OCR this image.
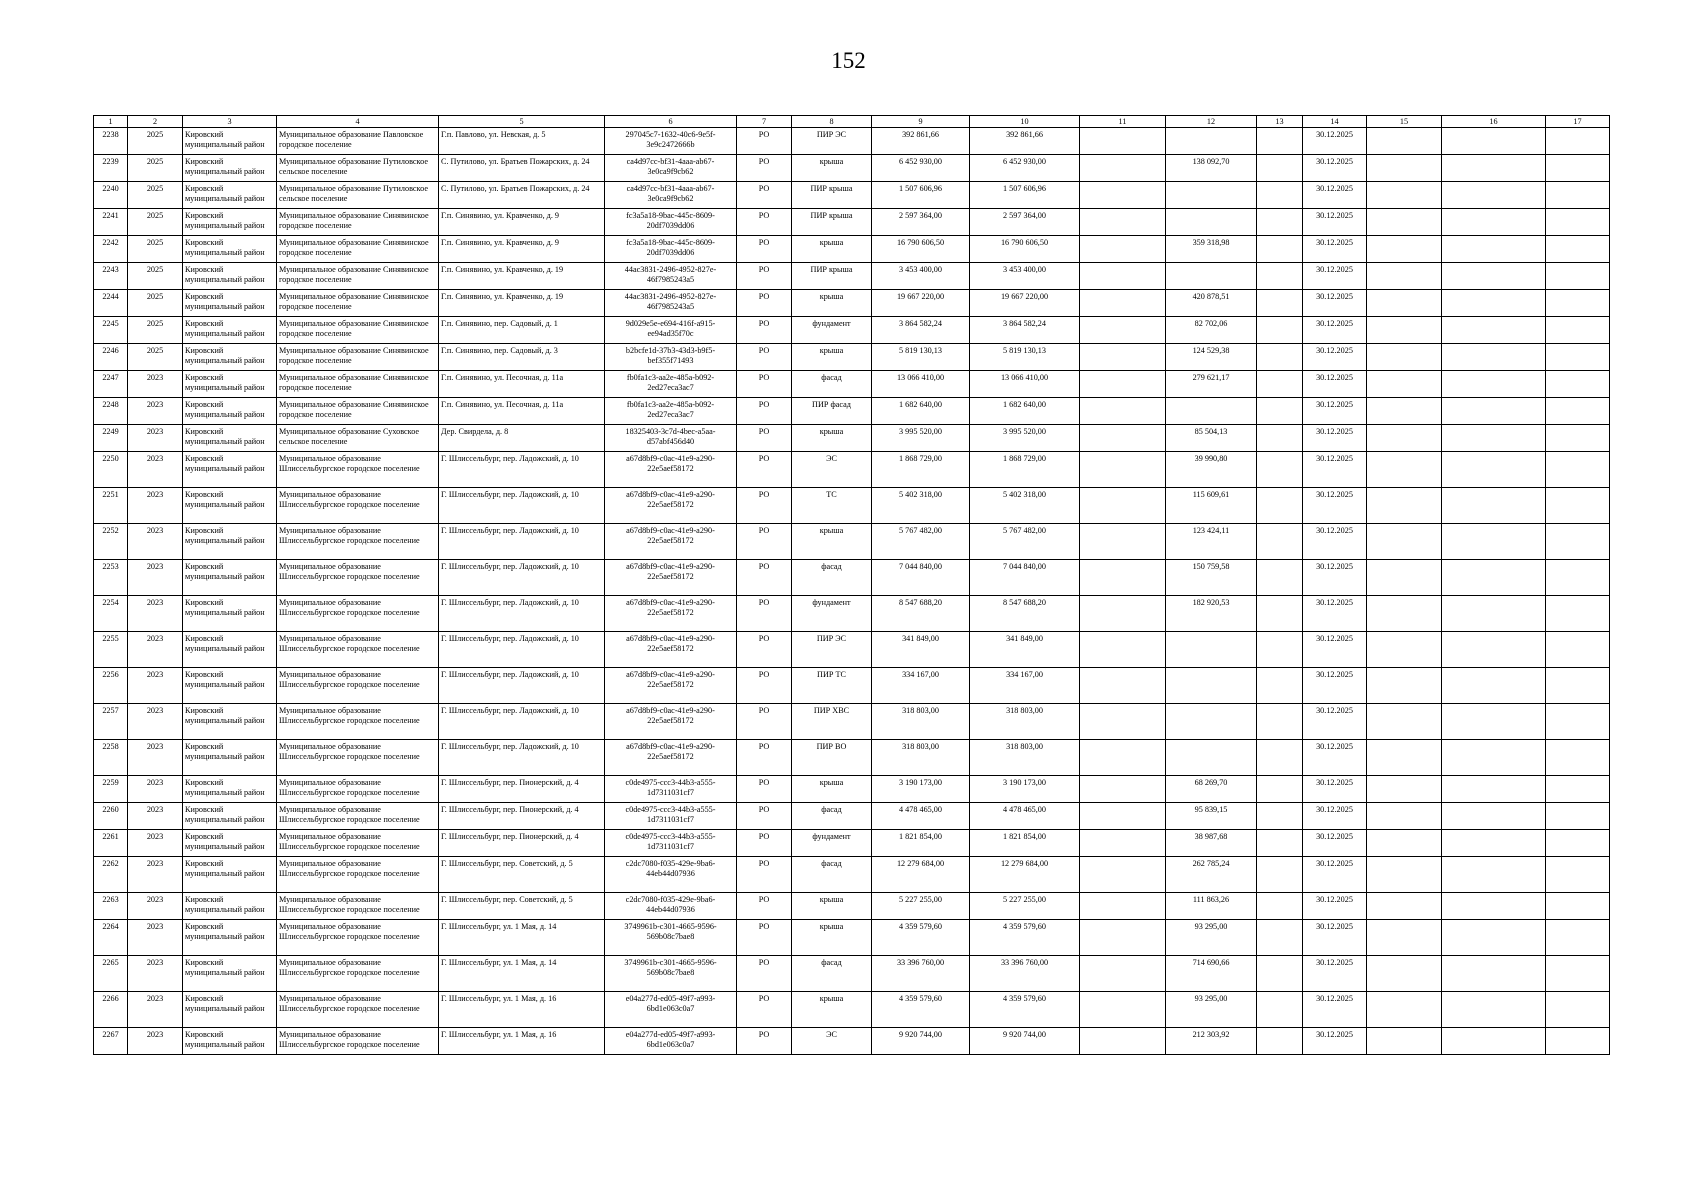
152
1	2	3	4	5	6	7	8	9	10	11	12	13	14	15	16	17
2238	2025	Кировский муниципальный район	Муниципальное образование Павловское городское поселение	Г.п. Павлово, ул. Невская, д. 5	297045c7-1632-40c6-9e5f-3e9c2472666b	РО	ПИР ЭС	392 861,66	392 861,66				30.12.2025			
2239	2025	Кировский муниципальный район	Муниципальное образование Путиловское сельское поселение	С. Путилово, ул. Братьев Пожарских, д. 24	ca4d97cc-bf31-4aaa-ab67-3e0ca9f9cb62	РО	крыша	6 452 930,00	6 452 930,00		138 092,70		30.12.2025			
2240	2025	Кировский муниципальный район	Муниципальное образование Путиловское сельское поселение	С. Путилово, ул. Братьев Пожарских, д. 24	ca4d97cc-bf31-4aaa-ab67-3e0ca9f9cb62	РО	ПИР крыша	1 507 606,96	1 507 606,96				30.12.2025			
2241	2025	Кировский муниципальный район	Муниципальное образование Синявинское городское поселение	Г.п. Синявино, ул. Кравченко, д. 9	fc3a5a18-9bac-445c-8609-20df7039dd06	РО	ПИР крыша	2 597 364,00	2 597 364,00				30.12.2025			
2242	2025	Кировский муниципальный район	Муниципальное образование Синявинское городское поселение	Г.п. Синявино, ул. Кравченко, д. 9	fc3a5a18-9bac-445c-8609-20df7039dd06	РО	крыша	16 790 606,50	16 790 606,50		359 318,98		30.12.2025			
2243	2025	Кировский муниципальный район	Муниципальное образование Синявинское городское поселение	Г.п. Синявино, ул. Кравченко, д. 19	44ac3831-2496-4952-827e-46f7985243a5	РО	ПИР крыша	3 453 400,00	3 453 400,00				30.12.2025			
2244	2025	Кировский муниципальный район	Муниципальное образование Синявинское городское поселение	Г.п. Синявино, ул. Кравченко, д. 19	44ac3831-2496-4952-827e-46f7985243a5	РО	крыша	19 667 220,00	19 667 220,00		420 878,51		30.12.2025			
2245	2025	Кировский муниципальный район	Муниципальное образование Синявинское городское поселение	Г.п. Синявино, пер. Садовый, д. 1	9d029e5e-e694-416f-a915-ee94ad35f70c	РО	фундамент	3 864 582,24	3 864 582,24		82 702,06		30.12.2025			
2246	2025	Кировский муниципальный район	Муниципальное образование Синявинское городское поселение	Г.п. Синявино, пер. Садовый, д. 3	b2bcfe1d-37b3-43d3-b9f5-bef355f71493	РО	крыша	5 819 130,13	5 819 130,13		124 529,38		30.12.2025			
2247	2023	Кировский муниципальный район	Муниципальное образование Синявинское городское поселение	Г.п. Синявино, ул. Песочная, д. 11а	fb0fa1c3-aa2e-485a-b092-2ed27eca3ac7	РО	фасад	13 066 410,00	13 066 410,00		279 621,17		30.12.2025			
2248	2023	Кировский муниципальный район	Муниципальное образование Синявинское городское поселение	Г.п. Синявино, ул. Песочная, д. 11а	fb0fa1c3-aa2e-485a-b092-2ed27eca3ac7	РО	ПИР фасад	1 682 640,00	1 682 640,00				30.12.2025			
2249	2023	Кировский муниципальный район	Муниципальное образование Суховское сельское поселение	Дер. Свирдела, д. 8	18325403-3c7d-4bec-a5aa-d57abf456d40	РО	крыша	3 995 520,00	3 995 520,00		85 504,13		30.12.2025			
2250	2023	Кировский муниципальный район	Муниципальное образование Шлиссельбургское городское поселение	Г. Шлиссельбург, пер. Ладожский, д. 10	a67d8bf9-c0ac-41e9-a290-22e5aef58172	РО	ЭС	1 868 729,00	1 868 729,00		39 990,80		30.12.2025			
2251	2023	Кировский муниципальный район	Муниципальное образование Шлиссельбургское городское поселение	Г. Шлиссельбург, пер. Ладожский, д. 10	a67d8bf9-c0ac-41e9-a290-22e5aef58172	РО	ТС	5 402 318,00	5 402 318,00		115 609,61		30.12.2025			
2252	2023	Кировский муниципальный район	Муниципальное образование Шлиссельбургское городское поселение	Г. Шлиссельбург, пер. Ладожский, д. 10	a67d8bf9-c0ac-41e9-a290-22e5aef58172	РО	крыша	5 767 482,00	5 767 482,00		123 424,11		30.12.2025			
2253	2023	Кировский муниципальный район	Муниципальное образование Шлиссельбургское городское поселение	Г. Шлиссельбург, пер. Ладожский, д. 10	a67d8bf9-c0ac-41e9-a290-22e5aef58172	РО	фасад	7 044 840,00	7 044 840,00		150 759,58		30.12.2025			
2254	2023	Кировский муниципальный район	Муниципальное образование Шлиссельбургское городское поселение	Г. Шлиссельбург, пер. Ладожский, д. 10	a67d8bf9-c0ac-41e9-a290-22e5aef58172	РО	фундамент	8 547 688,20	8 547 688,20		182 920,53		30.12.2025			
2255	2023	Кировский муниципальный район	Муниципальное образование Шлиссельбургское городское поселение	Г. Шлиссельбург, пер. Ладожский, д. 10	a67d8bf9-c0ac-41e9-a290-22e5aef58172	РО	ПИР ЭС	341 849,00	341 849,00				30.12.2025			
2256	2023	Кировский муниципальный район	Муниципальное образование Шлиссельбургское городское поселение	Г. Шлиссельбург, пер. Ладожский, д. 10	a67d8bf9-c0ac-41e9-a290-22e5aef58172	РО	ПИР ТС	334 167,00	334 167,00				30.12.2025			
2257	2023	Кировский муниципальный район	Муниципальное образование Шлиссельбургское городское поселение	Г. Шлиссельбург, пер. Ладожский, д. 10	a67d8bf9-c0ac-41e9-a290-22e5aef58172	РО	ПИР ХВС	318 803,00	318 803,00				30.12.2025			
2258	2023	Кировский муниципальный район	Муниципальное образование Шлиссельбургское городское поселение	Г. Шлиссельбург, пер. Ладожский, д. 10	a67d8bf9-c0ac-41e9-a290-22e5aef58172	РО	ПИР ВО	318 803,00	318 803,00				30.12.2025			
2259	2023	Кировский муниципальный район	Муниципальное образование Шлиссельбургское городское поселение	Г. Шлиссельбург, пер. Пионерский, д. 4	c0de4975-ccc3-44b3-a555-1d7311031cf7	РО	крыша	3 190 173,00	3 190 173,00		68 269,70		30.12.2025			
2260	2023	Кировский муниципальный район	Муниципальное образование Шлиссельбургское городское поселение	Г. Шлиссельбург, пер. Пионерский, д. 4	c0de4975-ccc3-44b3-a555-1d7311031cf7	РО	фасад	4 478 465,00	4 478 465,00		95 839,15		30.12.2025			
2261	2023	Кировский муниципальный район	Муниципальное образование Шлиссельбургское городское поселение	Г. Шлиссельбург, пер. Пионерский, д. 4	c0de4975-ccc3-44b3-a555-1d7311031cf7	РО	фундамент	1 821 854,00	1 821 854,00		38 987,68		30.12.2025			
2262	2023	Кировский муниципальный район	Муниципальное образование Шлиссельбургское городское поселение	Г. Шлиссельбург, пер. Советский, д. 5	c2dc7080-f035-429e-9ba6-44eb44d07936	РО	фасад	12 279 684,00	12 279 684,00		262 785,24		30.12.2025			
2263	2023	Кировский муниципальный район	Муниципальное образование Шлиссельбургское городское поселение	Г. Шлиссельбург, пер. Советский, д. 5	c2dc7080-f035-429e-9ba6-44eb44d07936	РО	крыша	5 227 255,00	5 227 255,00		111 863,26		30.12.2025			
2264	2023	Кировский муниципальный район	Муниципальное образование Шлиссельбургское городское поселение	Г. Шлиссельбург, ул. 1 Мая, д. 14	3749961b-c301-4665-9596-569b08c7bae8	РО	крыша	4 359 579,60	4 359 579,60		93 295,00		30.12.2025			
2265	2023	Кировский муниципальный район	Муниципальное образование Шлиссельбургское городское поселение	Г. Шлиссельбург, ул. 1 Мая, д. 14	3749961b-c301-4665-9596-569b08c7bae8	РО	фасад	33 396 760,00	33 396 760,00		714 690,66		30.12.2025			
2266	2023	Кировский муниципальный район	Муниципальное образование Шлиссельбургское городское поселение	Г. Шлиссельбург, ул. 1 Мая, д. 16	e04a277d-ed05-49f7-a993-6bd1e063c0a7	РО	крыша	4 359 579,60	4 359 579,60		93 295,00		30.12.2025			
2267	2023	Кировский муниципальный район	Муниципальное образование Шлиссельбургское городское поселение	Г. Шлиссельбург, ул. 1 Мая, д. 16	e04a277d-ed05-49f7-a993-6bd1e063c0a7	РО	ЭС	9 920 744,00	9 920 744,00		212 303,92		30.12.2025			
